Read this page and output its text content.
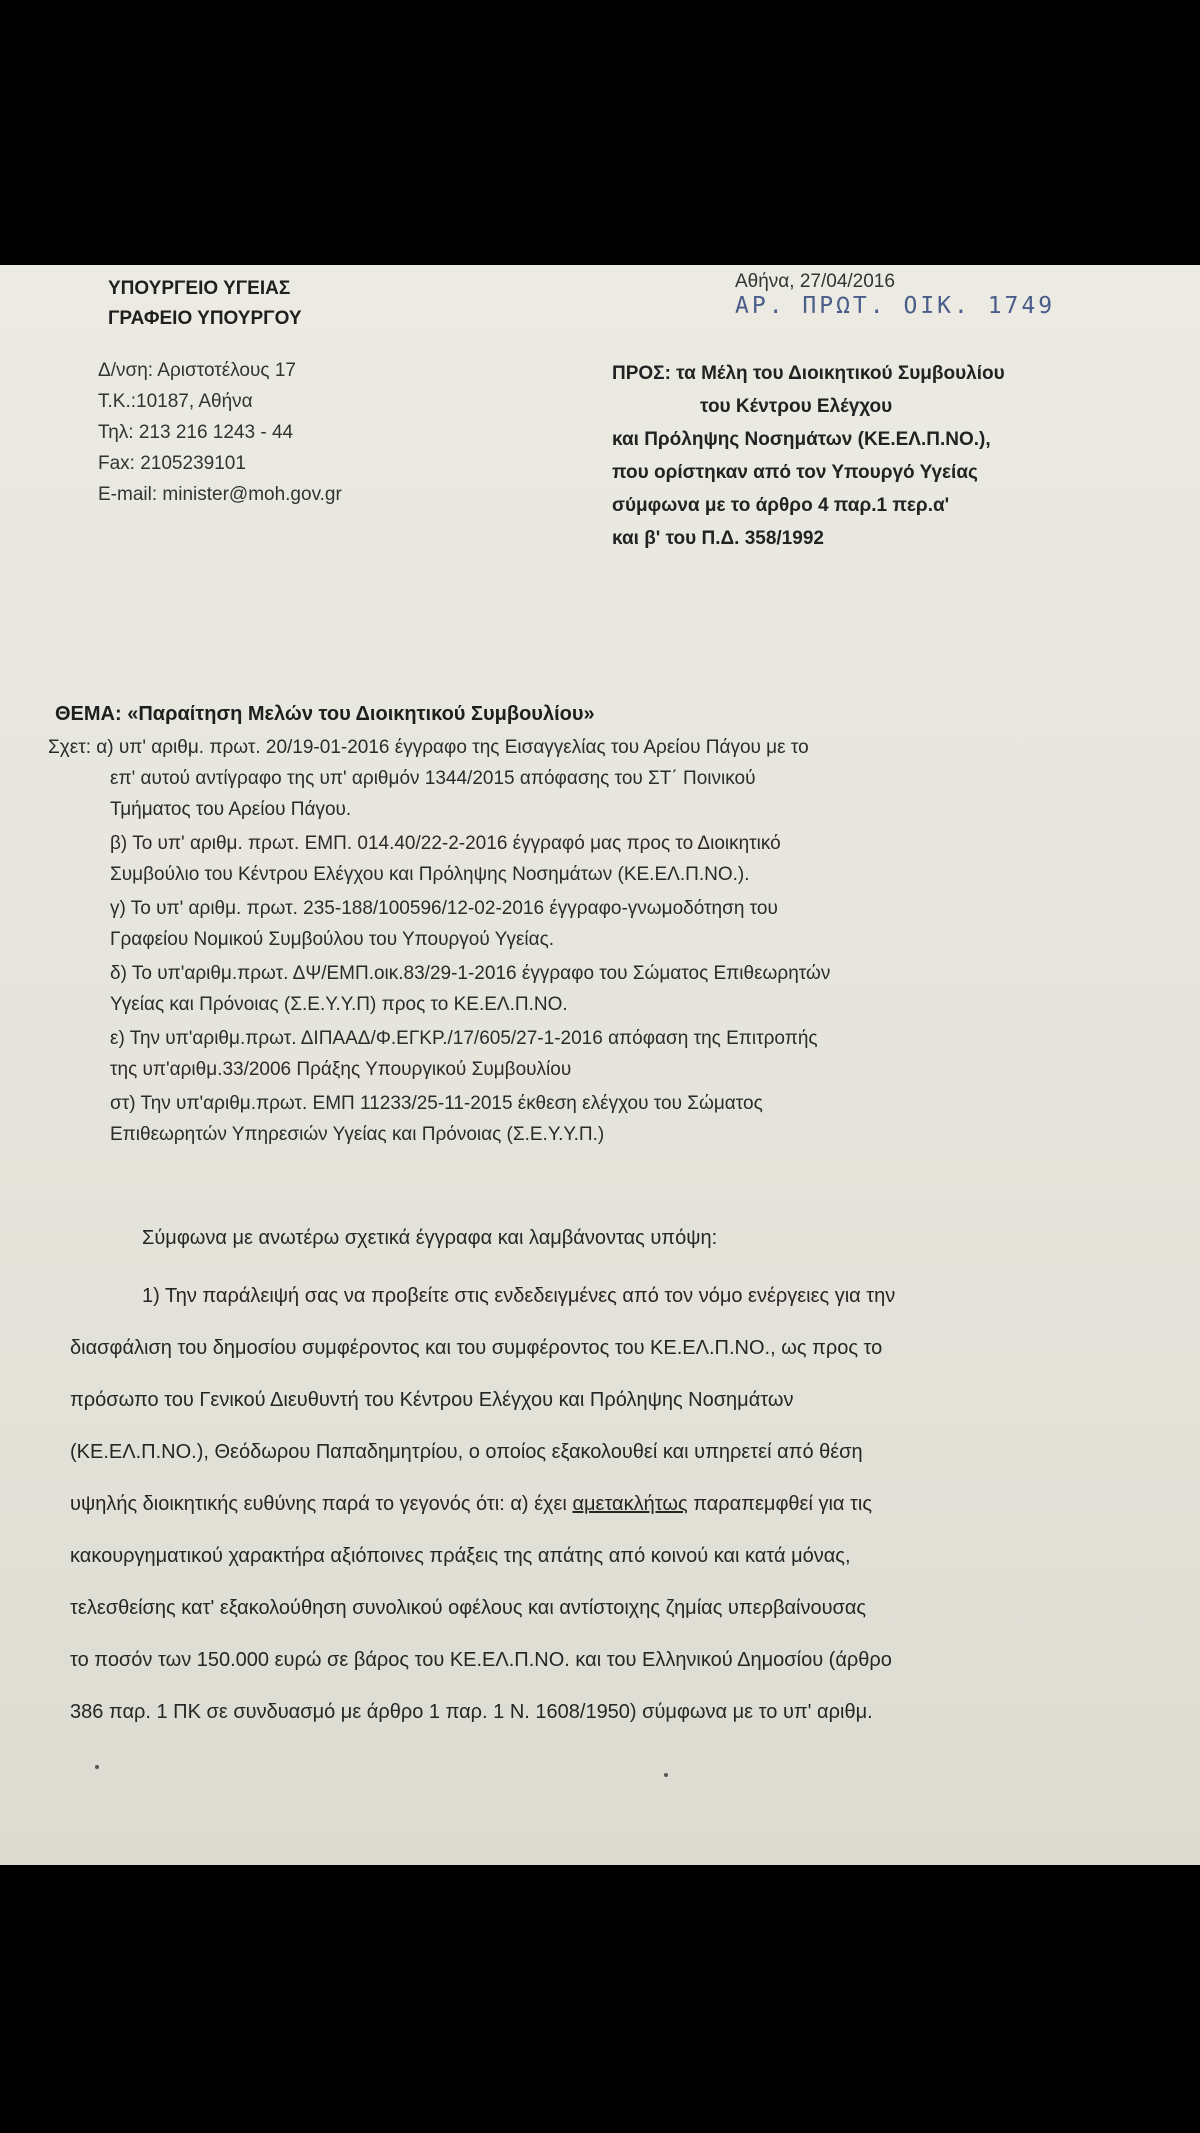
ΥΠΟΥΡΓΕΙΟ ΥΓΕΙΑΣ
ΓΡΑΦΕΙΟ ΥΠΟΥΡΓΟΥ
Αθήνα, 27/04/2016
ΑΡ. ΠΡΩΤ. ΟΙΚ. 1749
Δ/νση: Αριστοτέλους 17
Τ.Κ.:10187, Αθήνα
Τηλ: 213 216 1243 - 44
Fax: 2105239101
E-mail: minister@moh.gov.gr
ΠΡΟΣ: τα Μέλη του Διοικητικού Συμβουλίου
του Κέντρου Ελέγχου
και Πρόληψης Νοσημάτων (ΚΕ.ΕΛ.Π.ΝΟ.),
που ορίστηκαν από τον Υπουργό Υγείας
σύμφωνα με το άρθρο 4 παρ.1 περ.α'
και β' του Π.Δ. 358/1992
ΘΕΜΑ: «Παραίτηση Μελών του Διοικητικού Συμβουλίου»
Σχετ: α) υπ' αριθμ. πρωτ. 20/19-01-2016 έγγραφο της Εισαγγελίας του Αρείου Πάγου με το
επ' αυτού αντίγραφο της υπ' αριθμόν 1344/2015 απόφασης του ΣΤ΄ Ποινικού
Τμήματος του Αρείου Πάγου.
β) Το υπ' αριθμ. πρωτ. ΕΜΠ. 014.40/22-2-2016 έγγραφό μας προς το Διοικητικό
Συμβούλιο του Κέντρου Ελέγχου και Πρόληψης Νοσημάτων (ΚΕ.ΕΛ.Π.ΝΟ.).
γ) Το υπ' αριθμ. πρωτ. 235-188/100596/12-02-2016 έγγραφο-γνωμοδότηση του
Γραφείου Νομικού Συμβούλου του Υπουργού Υγείας.
δ) Το υπ'αριθμ.πρωτ. ΔΨ/ΕΜΠ.οικ.83/29-1-2016 έγγραφο του Σώματος Επιθεωρητών
Υγείας και Πρόνοιας (Σ.Ε.Υ.Υ.Π) προς το ΚΕ.ΕΛ.Π.ΝΟ.
ε) Την υπ'αριθμ.πρωτ. ΔΙΠΑΑΔ/Φ.ΕΓΚΡ./17/605/27-1-2016 απόφαση της Επιτροπής
της υπ'αριθμ.33/2006 Πράξης Υπουργικού Συμβουλίου
στ) Την υπ'αριθμ.πρωτ. ΕΜΠ 11233/25-11-2015 έκθεση ελέγχου του Σώματος
Επιθεωρητών Υπηρεσιών Υγείας και Πρόνοιας (Σ.Ε.Υ.Υ.Π.)
Σύμφωνα με ανωτέρω σχετικά έγγραφα και λαμβάνοντας υπόψη:
1) Την παράλειψή σας να προβείτε στις ενδεδειγμένες από τον νόμο ενέργειες για την
διασφάλιση του δημοσίου συμφέροντος και του συμφέροντος του ΚΕ.ΕΛ.Π.ΝΟ., ως προς το
πρόσωπο του Γενικού Διευθυντή του Κέντρου Ελέγχου και Πρόληψης Νοσημάτων
(ΚΕ.ΕΛ.Π.ΝΟ.), Θεόδωρου Παπαδημητρίου, ο οποίος εξακολουθεί και υπηρετεί από θέση
υψηλής διοικητικής ευθύνης παρά το γεγονός ότι: α) έχει αμετακλήτως παραπεμφθεί για τις
κακουργηματικού χαρακτήρα αξιόποινες πράξεις της απάτης από κοινού και κατά μόνας,
τελεσθείσης κατ' εξακολούθηση συνολικού οφέλους και αντίστοιχης ζημίας υπερβαίνουσας
το ποσόν των 150.000 ευρώ σε βάρος του ΚΕ.ΕΛ.Π.ΝΟ. και του Ελληνικού Δημοσίου (άρθρο
386 παρ. 1 ΠΚ σε συνδυασμό με άρθρο 1 παρ. 1 Ν. 1608/1950) σύμφωνα με το υπ' αριθμ.
